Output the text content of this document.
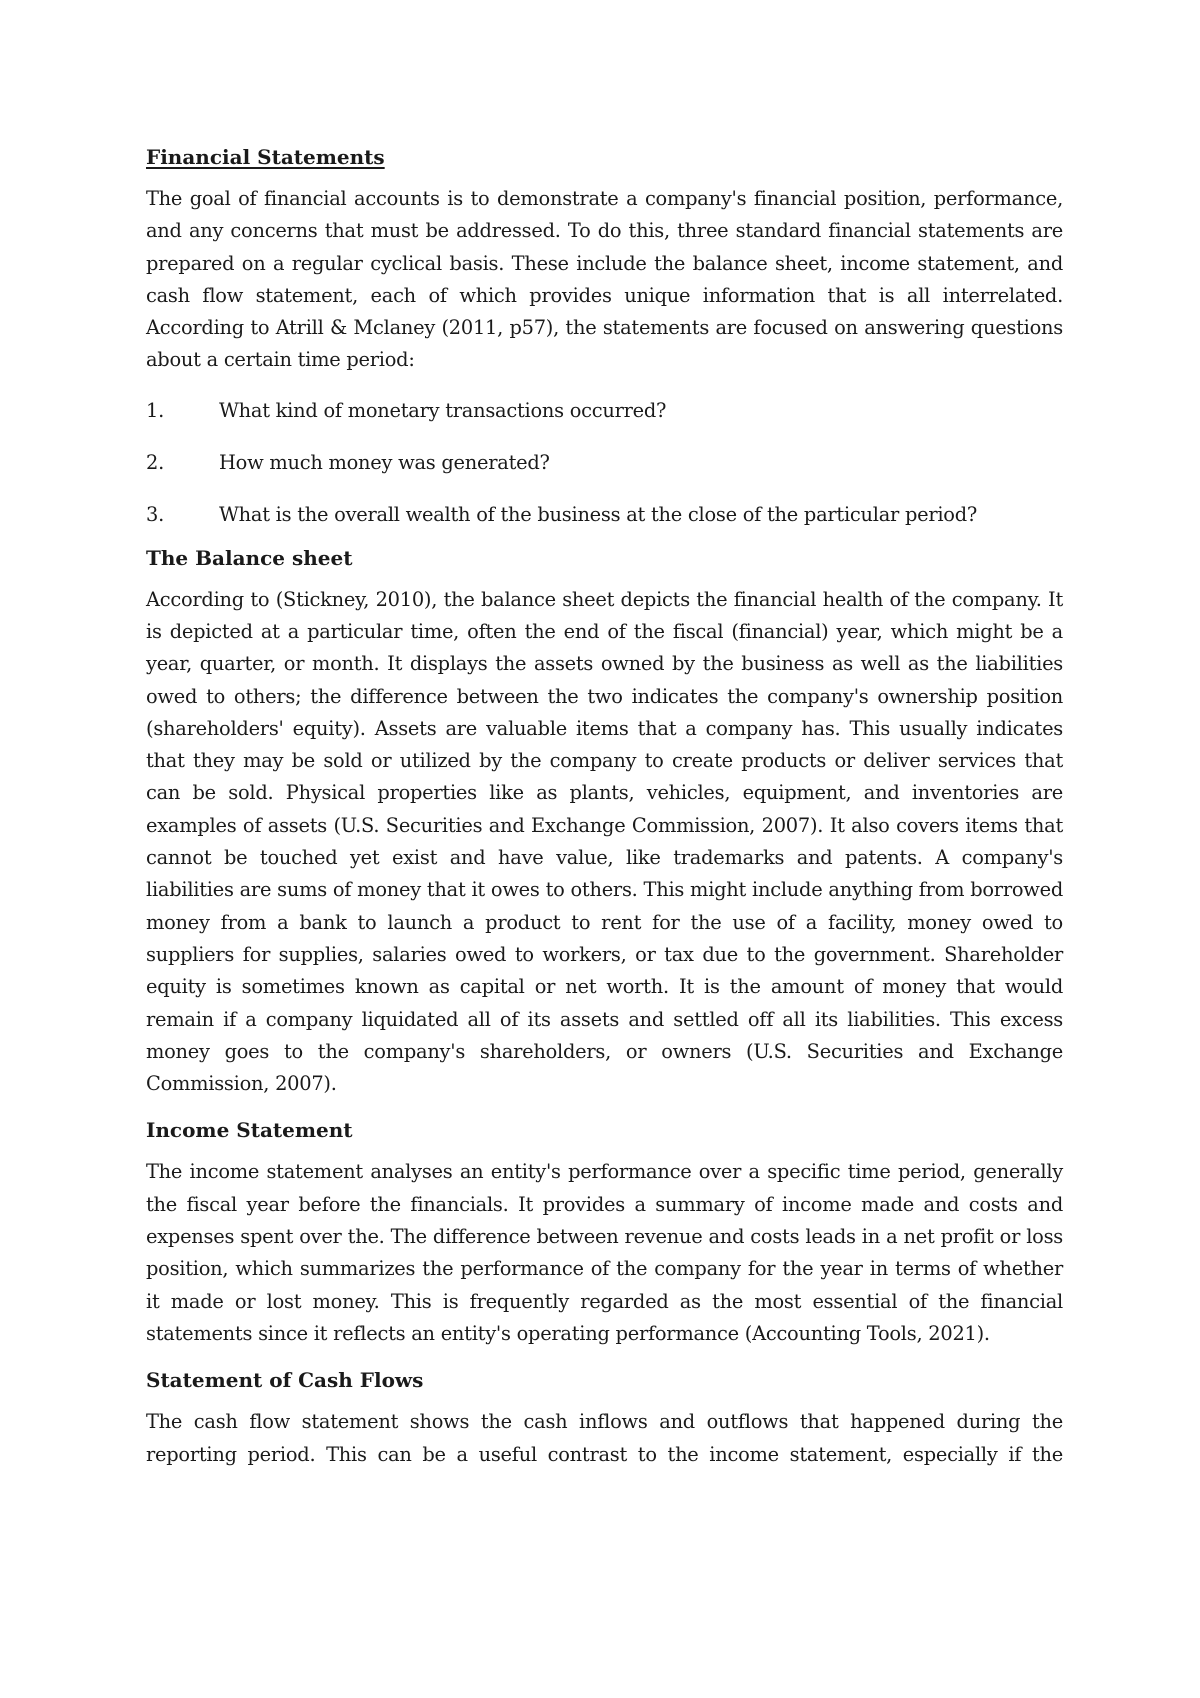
Financial Statements

The goal of financial accounts is to demonstrate a company's financial position, performance, and any concerns that must be addressed. To do this, three standard financial statements are prepared on a regular cyclical basis. These include the balance sheet, income statement, and cash flow statement, each of which provides unique information that is all interrelated. According to Atrill & Mclaney (2011, p57), the statements are focused on answering questions about a certain time period:

1.	What kind of monetary transactions occurred?
2.	How much money was generated?
3.	What is the overall wealth of the business at the close of the particular period?
The Balance sheet

According to (Stickney, 2010), the balance sheet depicts the financial health of the company. It is depicted at a particular time, often the end of the fiscal (financial) year, which might be a year, quarter, or month. It displays the assets owned by the business as well as the liabilities owed to others; the difference between the two indicates the company's ownership position (shareholders' equity). Assets are valuable items that a company has. This usually indicates that they may be sold or utilized by the company to create products or deliver services that can be sold. Physical properties like as plants, vehicles, equipment, and inventories are examples of assets (U.S. Securities and Exchange Commission, 2007). It also covers items that cannot be touched yet exist and have value, like trademarks and patents. A company's liabilities are sums of money that it owes to others. This might include anything from borrowed money from a bank to launch a product to rent for the use of a facility, money owed to suppliers for supplies, salaries owed to workers, or tax due to the government. Shareholder equity is sometimes known as capital or net worth. It is the amount of money that would remain if a company liquidated all of its assets and settled off all its liabilities. This excess money goes to the company's shareholders, or owners (U.S. Securities and Exchange Commission, 2007).

Income Statement

The income statement analyses an entity's performance over a specific time period, generally the fiscal year before the financials. It provides a summary of income made and costs and expenses spent over the. The difference between revenue and costs leads in a net profit or loss position, which summarizes the performance of the company for the year in terms of whether it made or lost money. This is frequently regarded as the most essential of the financial statements since it reflects an entity's operating performance (Accounting Tools, 2021).

Statement of Cash Flows

The cash flow statement shows the cash inflows and outflows that happened during the reporting period. This can be a useful contrast to the income statement, especially if the
